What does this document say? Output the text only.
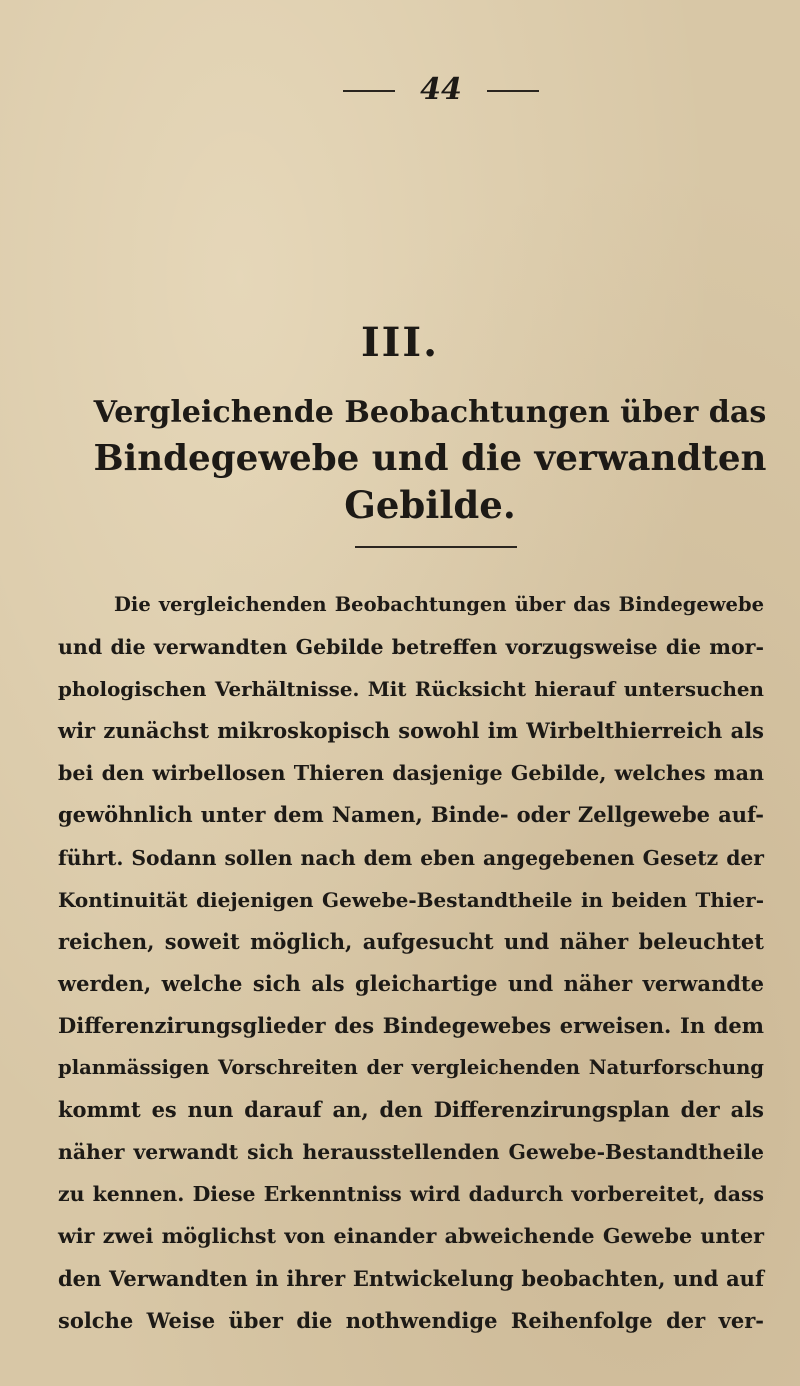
44
III.
Vergleichende Beobachtungen über das
Bindegewebe und die verwandten
Gebilde.
Die vergleichenden Beobachtungen über das Bindegewebe
und die verwandten Gebilde betreffen vorzugsweise die mor-
phologischen Verhältnisse. Mit Rücksicht hierauf untersuchen
wir zunächst mikroskopisch sowohl im Wirbelthierreich als
bei den wirbellosen Thieren dasjenige Gebilde, welches man
gewöhnlich unter dem Namen, Binde- oder Zellgewebe auf-
führt. Sodann sollen nach dem eben angegebenen Gesetz der
Kontinuität diejenigen Gewebe-Bestandtheile in beiden Thier-
reichen, soweit möglich, aufgesucht und näher beleuchtet
werden, welche sich als gleichartige und näher verwandte
Differenzirungsglieder des Bindegewebes erweisen. In dem
planmässigen Vorschreiten der vergleichenden Naturforschung
kommt es nun darauf an, den Differenzirungsplan der als
näher verwandt sich herausstellenden Gewebe-Bestandtheile
zu kennen. Diese Erkenntniss wird dadurch vorbereitet, dass
wir zwei möglichst von einander abweichende Gewebe unter
den Verwandten in ihrer Entwickelung beobachten, und auf
solche Weise über die nothwendige Reihenfolge der ver-
